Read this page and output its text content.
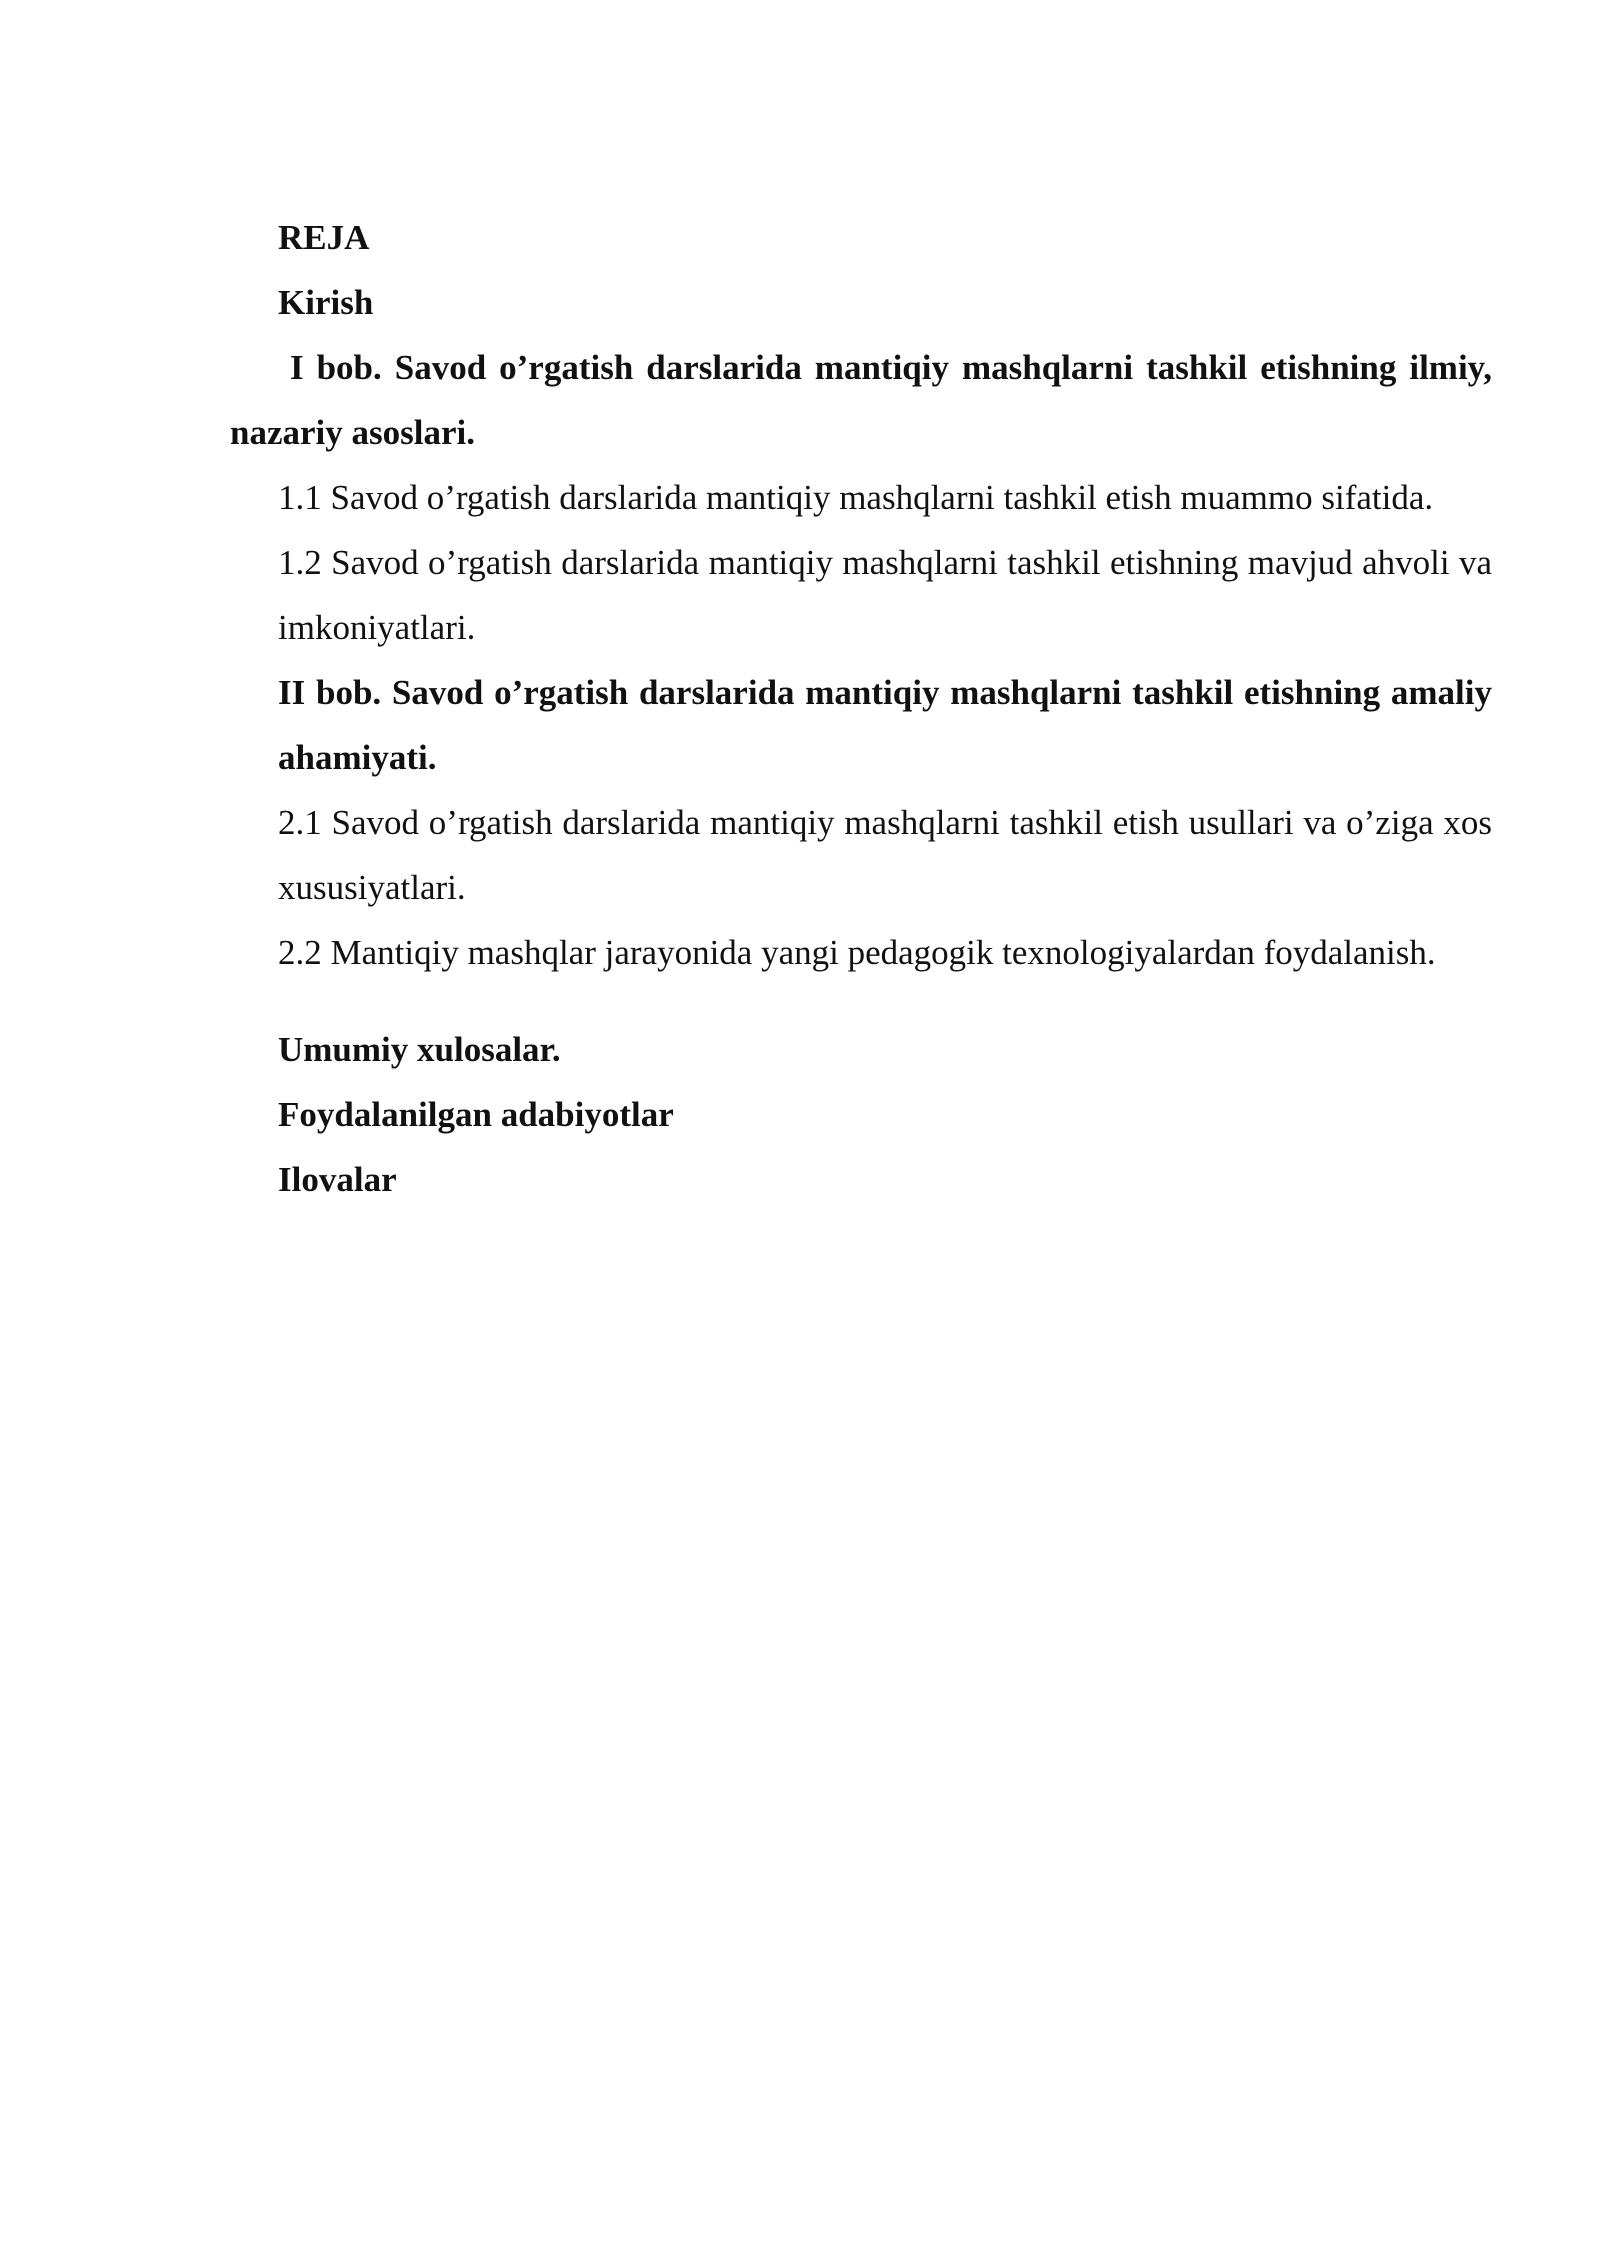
REJA

Kirish

I bob. Savod o’rgatish darslarida mantiqiy mashqlarni tashkil etishning ilmiy, nazariy asoslari.

1.1 Savod o’rgatish darslarida mantiqiy mashqlarni tashkil etish muammo sifatida.

1.2 Savod o’rgatish darslarida mantiqiy mashqlarni tashkil etishning mavjud ahvoli va imkoniyatlari.

II bob. Savod o’rgatish darslarida mantiqiy mashqlarni tashkil etishning amaliy ahamiyati.

2.1 Savod o’rgatish darslarida mantiqiy mashqlarni tashkil etish usullari va o’ziga xos xususiyatlari.

2.2 Mantiqiy mashqlar jarayonida yangi pedagogik texnologiyalardan foydalanish.

Umumiy xulosalar.

Foydalanilgan adabiyotlar

Ilovalar
